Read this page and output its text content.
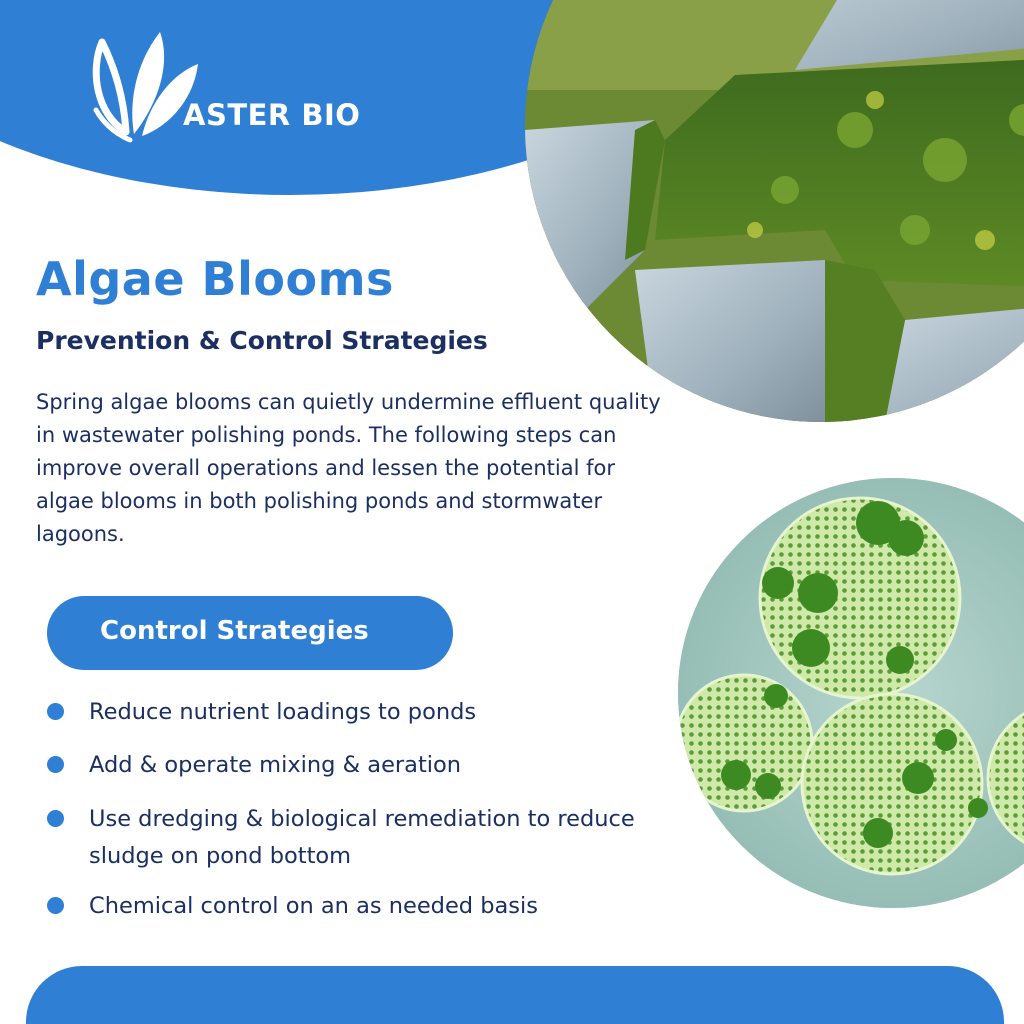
ASTER BIO
Algae Blooms
Prevention & Control Strategies

Spring algae blooms can quietly undermine effluent quality in wastewater polishing ponds. The following steps can improve overall operations and lessen the potential for algae blooms in both polishing ponds and stormwater lagoons.

Control Strategies
Reduce nutrient loadings to ponds
Add & operate mixing & aeration
Use dredging & biological remediation to reduce sludge on pond bottom
Chemical control on an as needed basis
